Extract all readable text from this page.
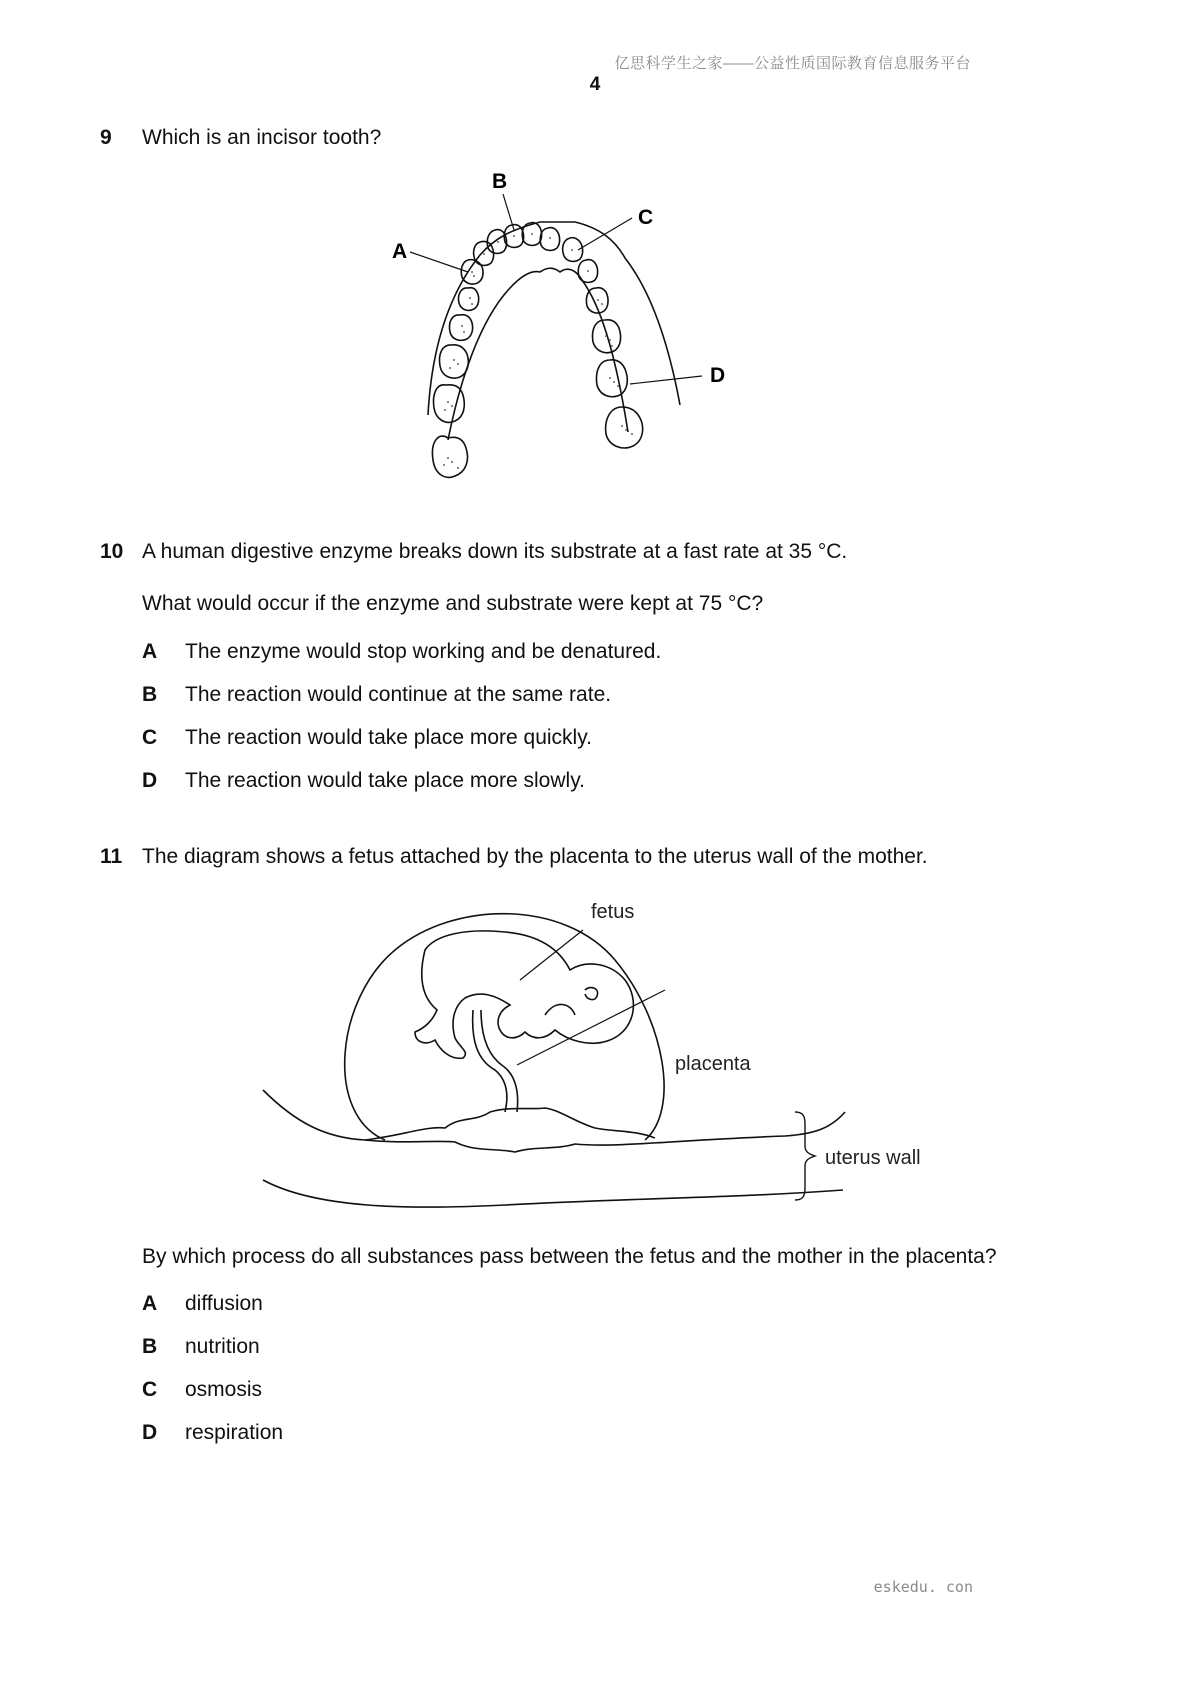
亿思科学生之家——公益性质国际教育信息服务平台
4
9 Which is an incisor tooth?
A
B
C
D
10 A human digestive enzyme breaks down its substrate at a fast rate at 35 °C.
What would occur if the enzyme and substrate were kept at 75 °C?
A The enzyme would stop working and be denatured.
B The reaction would continue at the same rate.
C The reaction would take place more quickly.
D The reaction would take place more slowly.
11 The diagram shows a fetus attached by the placenta to the uterus wall of the mother.
fetus
placenta
uterus wall
By which process do all substances pass between the fetus and the mother in the placenta?
A diffusion
B nutrition
C osmosis
D respiration
eskedu. con
